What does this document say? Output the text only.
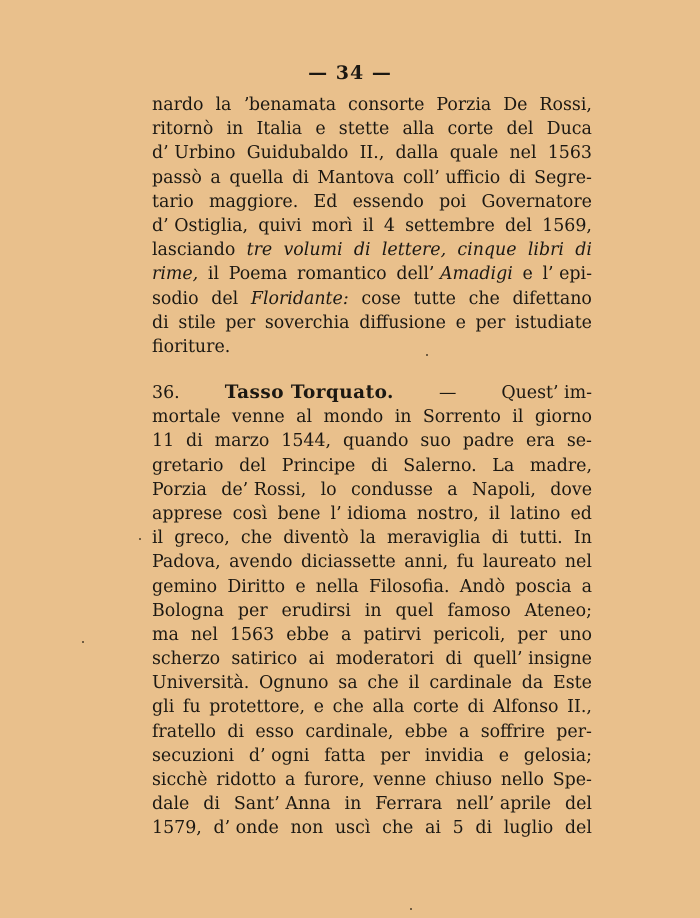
— 34 —
nardo la ʼbenamata consorte Porzia De Rossi,
ritornò in Italia e stette alla corte del Duca
d’ Urbino Guidubaldo II., dalla quale nel 1563
passò a quella di Mantova coll’ ufficio di Segre-
tario maggiore. Ed essendo poi Governatore
d’ Ostiglia, quivi morì il 4 settembre del 1569,
lasciando tre volumi di lettere, cinque libri di
rime, il Poema romantico dell’ Amadigi e l’ epi-
sodio del Floridante: cose tutte che difettano
di stile per soverchia diffusione e per istudiate
fioriture.
36. Tasso Torquato.	—	Quest’ im-
mortale venne al mondo in Sorrento il giorno
11 di marzo 1544, quando suo padre era se-
gretario del Principe di Salerno. La madre,
Porzia de’ Rossi, lo condusse a Napoli, dove
apprese così bene l’ idioma nostro, il latino ed
il greco, che diventò la meraviglia di tutti. In
Padova, avendo diciassette anni, fu laureato nel
gemino Diritto e nella Filosofia. Andò poscia a
Bologna per erudirsi in quel famoso Ateneo;
ma nel 1563 ebbe a patirvi pericoli, per uno
scherzo satirico ai moderatori di quell’ insigne
Università. Ognuno sa che il cardinale da Este
gli fu protettore, e che alla corte di Alfonso II.,
fratello di esso cardinale, ebbe a soffrire per-
secuzioni d’ ogni fatta per invidia e gelosia;
sicchè ridotto a furore, venne chiuso nello Spe-
dale di Sant’ Anna in Ferrara nell’ aprile del
1579, d’ onde non uscì che ai 5 di luglio del
